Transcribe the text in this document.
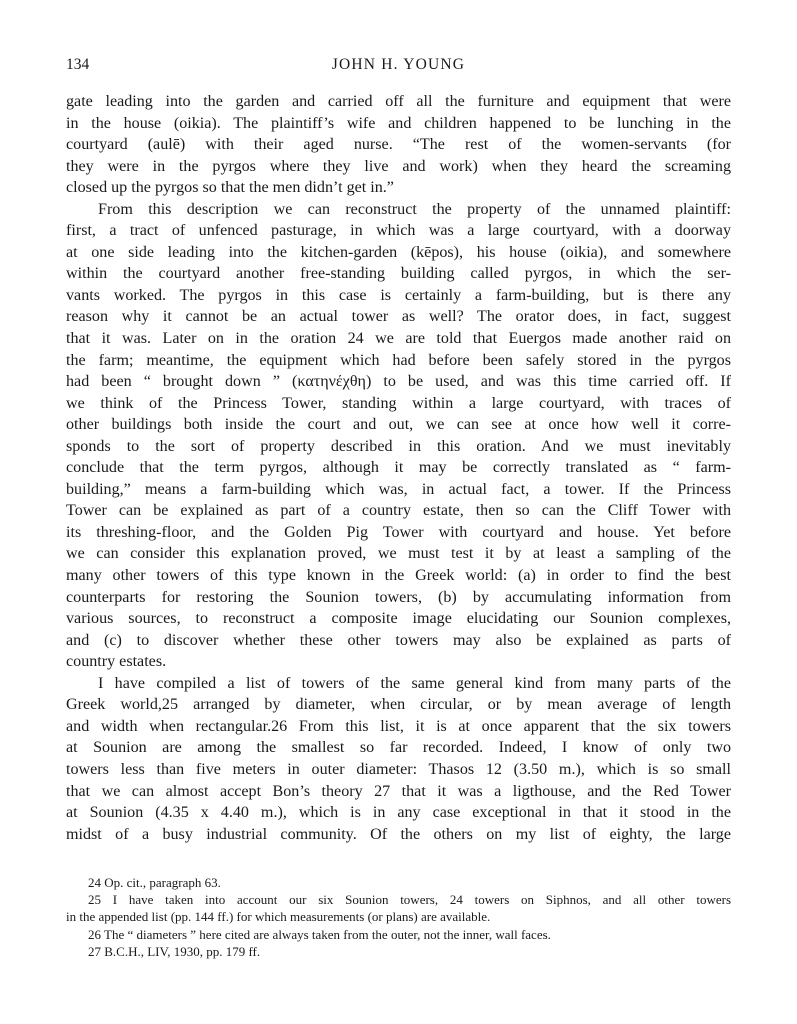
134	JOHN H. YOUNG
gate leading into the garden and carried off all the furniture and equipment that were
in the house (oikia). The plaintiff’s wife and children happened to be lunching in the
courtyard (aulē) with their aged nurse. “The rest of the women-servants (for
they were in the pyrgos where they live and work) when they heard the screaming
closed up the pyrgos so that the men didn’t get in.”
From this description we can reconstruct the property of the unnamed plaintiff:
first, a tract of unfenced pasturage, in which was a large courtyard, with a doorway
at one side leading into the kitchen-garden (kēpos), his house (oikia), and somewhere
within the courtyard another free-standing building called pyrgos, in which the ser-
vants worked. The pyrgos in this case is certainly a farm-building, but is there any
reason why it cannot be an actual tower as well? The orator does, in fact, suggest
that it was. Later on in the oration 24 we are told that Euergos made another raid on
the farm; meantime, the equipment which had before been safely stored in the pyrgos
had been “ brought down ” (κατηνέχθη) to be used, and was this time carried off. If
we think of the Princess Tower, standing within a large courtyard, with traces of
other buildings both inside the court and out, we can see at once how well it corre-
sponds to the sort of property described in this oration. And we must inevitably
conclude that the term pyrgos, although it may be correctly translated as “ farm-
building,” means a farm-building which was, in actual fact, a tower. If the Princess
Tower can be explained as part of a country estate, then so can the Cliff Tower with
its threshing-floor, and the Golden Pig Tower with courtyard and house. Yet before
we can consider this explanation proved, we must test it by at least a sampling of the
many other towers of this type known in the Greek world: (a) in order to find the best
counterparts for restoring the Sounion towers, (b) by accumulating information from
various sources, to reconstruct a composite image elucidating our Sounion complexes,
and (c) to discover whether these other towers may also be explained as parts of
country estates.
I have compiled a list of towers of the same general kind from many parts of the
Greek world,25 arranged by diameter, when circular, or by mean average of length
and width when rectangular.26 From this list, it is at once apparent that the six towers
at Sounion are among the smallest so far recorded. Indeed, I know of only two
towers less than five meters in outer diameter: Thasos 12 (3.50 m.), which is so small
that we can almost accept Bon’s theory 27 that it was a ligthouse, and the Red Tower
at Sounion (4.35 x 4.40 m.), which is in any case exceptional in that it stood in the
midst of a busy industrial community. Of the others on my list of eighty, the large
24 Op. cit., paragraph 63.
25 I have taken into account our six Sounion towers, 24 towers on Siphnos, and all other towers
in the appended list (pp. 144 ff.) for which measurements (or plans) are available.
26 The “ diameters ” here cited are always taken from the outer, not the inner, wall faces.
27 B.C.H., LIV, 1930, pp. 179 ff.
